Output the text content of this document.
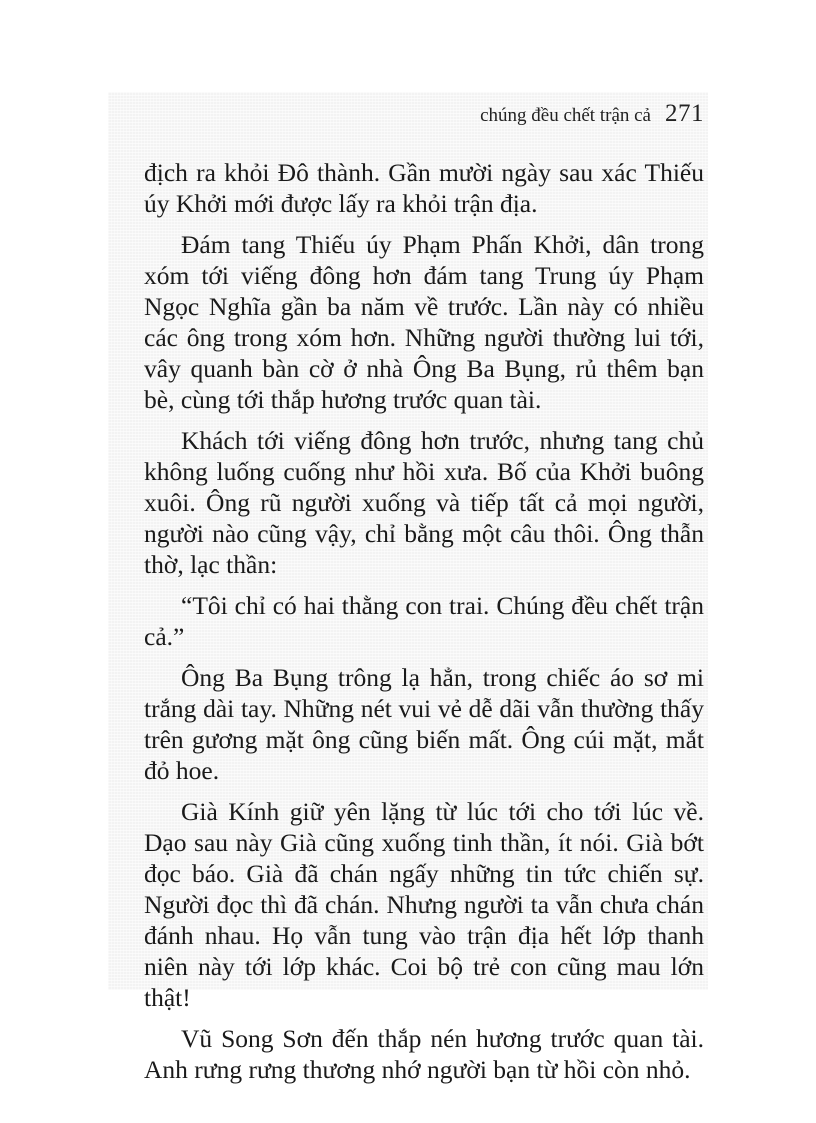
chúng đều chết trận cả 271

địch ra khỏi Đô thành. Gần mười ngày sau xác Thiếu úy Khởi mới được lấy ra khỏi trận địa.

Đám tang Thiếu úy Phạm Phấn Khởi, dân trong xóm tới viếng đông hơn đám tang Trung úy Phạm Ngọc Nghĩa gần ba năm về trước. Lần này có nhiều các ông trong xóm hơn. Những người thường lui tới, vây quanh bàn cờ ở nhà Ông Ba Bụng, rủ thêm bạn bè, cùng tới thắp hương trước quan tài.

Khách tới viếng đông hơn trước, nhưng tang chủ không luống cuống như hồi xưa. Bố của Khởi buông xuôi. Ông rũ người xuống và tiếp tất cả mọi người, người nào cũng vậy, chỉ bằng một câu thôi. Ông thẫn thờ, lạc thần:

“Tôi chỉ có hai thằng con trai. Chúng đều chết trận cả.”

Ông Ba Bụng trông lạ hẳn, trong chiếc áo sơ mi trắng dài tay. Những nét vui vẻ dễ dãi vẫn thường thấy trên gương mặt ông cũng biến mất. Ông cúi mặt, mắt đỏ hoe.

Già Kính giữ yên lặng từ lúc tới cho tới lúc về. Dạo sau này Già cũng xuống tinh thần, ít nói. Già bớt đọc báo. Già đã chán ngấy những tin tức chiến sự. Người đọc thì đã chán. Nhưng người ta vẫn chưa chán đánh nhau. Họ vẫn tung vào trận địa hết lớp thanh niên này tới lớp khác. Coi bộ trẻ con cũng mau lớn thật!

Vũ Song Sơn đến thắp nén hương trước quan tài. Anh rưng rưng thương nhớ người bạn từ hồi còn nhỏ.
